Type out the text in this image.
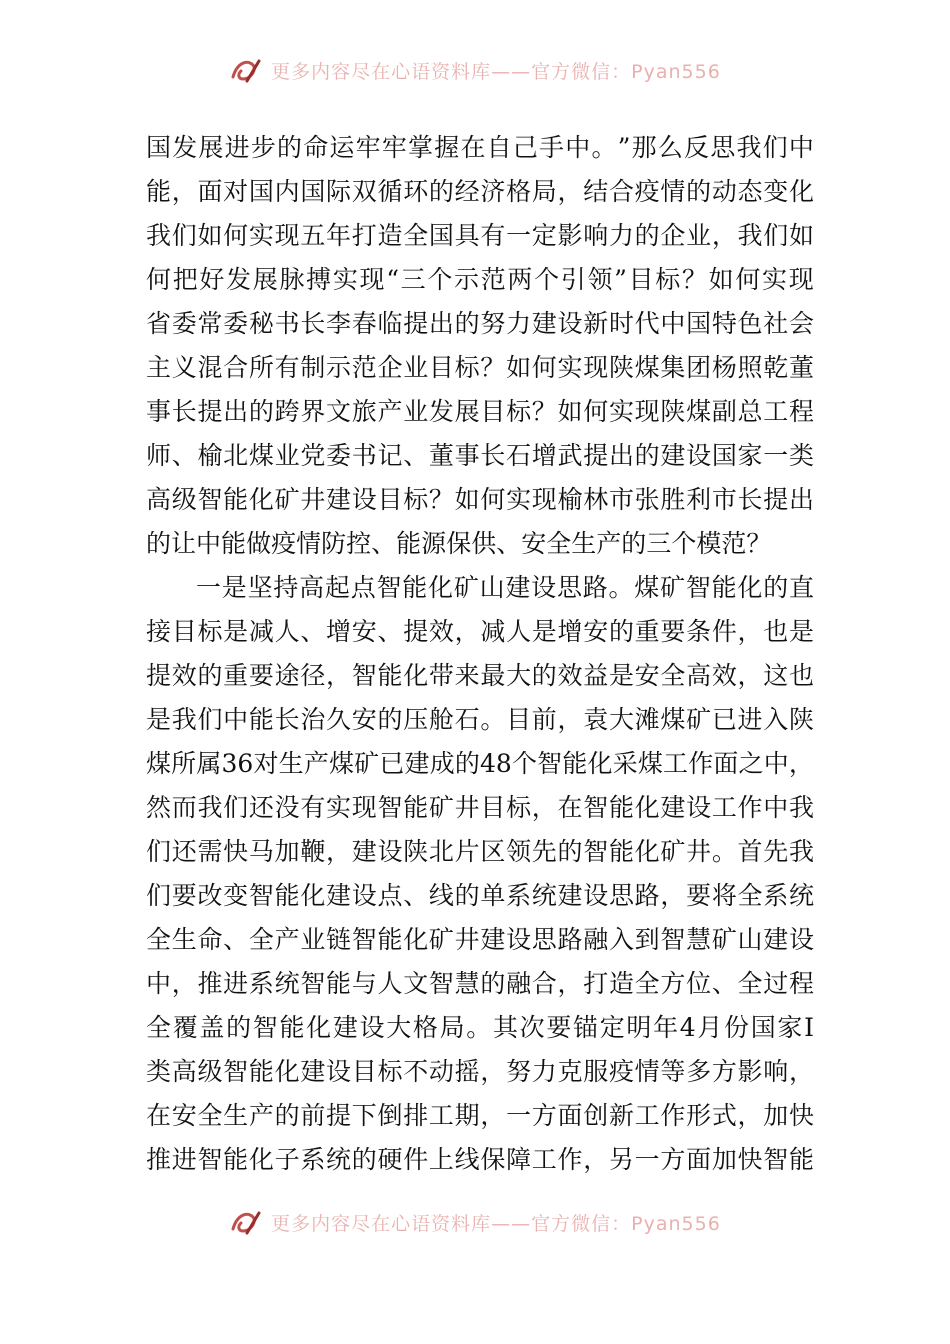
更多内容尽在心语资料库——官方微信：Pyan556
国 发 展 进 步 的 命 运 牢 牢 掌 握 在 自 己 手 中 。 ” 那 么 反 思 我 们 中
能 ， 面 对 国 内 国 际 双 循 环 的 经 济 格 局 ， 结 合 疫 情 的 动 态 变 化
我 们 如 何 实 现 五 年 打 造 全 国 具 有 一 定 影 响 力 的 企 业 ， 我 们 如
何 把 好 发 展 脉 搏 实 现 “ 三 个 示 范 两 个 引 领 ” 目 标 ？ 如 何 实 现
省 委 常 委 秘 书 长 李 春 临 提 出 的 努 力 建 设 新 时 代 中 国 特 色 社 会
主 义 混 合 所 有 制 示 范 企 业 目 标 ？ 如 何 实 现 陕 煤 集 团 杨 照 乾 董
事 长 提 出 的 跨 界 文 旅 产 业 发 展 目 标 ？ 如 何 实 现 陕 煤 副 总 工 程
师 、 榆 北 煤 业 党 委 书 记 、 董 事 长 石 增 武 提 出 的 建 设 国 家 一 类
高 级 智 能 化 矿 井 建 设 目 标 ？ 如 何 实 现 榆 林 市 张 胜 利 市 长 提 出
的 让 中 能 做 疫 情 防 控 、 能 源 保 供 、 安 全 生 产 的 三 个 模 范 ？
一 是 坚 持 高 起 点 智 能 化 矿 山 建 设 思 路 。 煤 矿 智 能 化 的 直
接 目 标 是 减 人 、 增 安 、 提 效 ， 减 人 是 增 安 的 重 要 条 件 ， 也 是
提 效 的 重 要 途 径 ， 智 能 化 带 来 最 大 的 效 益 是 安 全 高 效 ， 这 也
是 我 们 中 能 长 治 久 安 的 压 舱 石 。 目 前 ， 袁 大 滩 煤 矿 已 进 入 陕
煤 所 属 36 对 生 产 煤 矿 已 建 成 的 48 个 智 能 化 采 煤 工 作 面 之 中 ，
然 而 我 们 还 没 有 实 现 智 能 矿 井 目 标 ， 在 智 能 化 建 设 工 作 中 我
们 还 需 快 马 加 鞭 ， 建 设 陕 北 片 区 领 先 的 智 能 化 矿 井 。 首 先 我
们 要 改 变 智 能 化 建 设 点 、 线 的 单 系 统 建 设 思 路 ， 要 将 全 系 统
全 生 命 、 全 产 业 链 智 能 化 矿 井 建 设 思 路 融 入 到 智 慧 矿 山 建 设
中 ， 推 进 系 统 智 能 与 人 文 智 慧 的 融 合 ， 打 造 全 方 位 、 全 过 程
全 覆 盖 的 智 能 化 建 设 大 格 局 。 其 次 要 锚 定 明 年 4 月 份 国 家 I
类 高 级 智 能 化 建 设 目 标 不 动 摇 ， 努 力 克 服 疫 情 等 多 方 影 响 ，
在 安 全 生 产 的 前 提 下 倒 排 工 期 ， 一 方 面 创 新 工 作 形 式 ， 加 快
推 进 智 能 化 子 系 统 的 硬 件 上 线 保 障 工 作 ， 另 一 方 面 加 快 智 能
更多内容尽在心语资料库——官方微信：Pyan556
